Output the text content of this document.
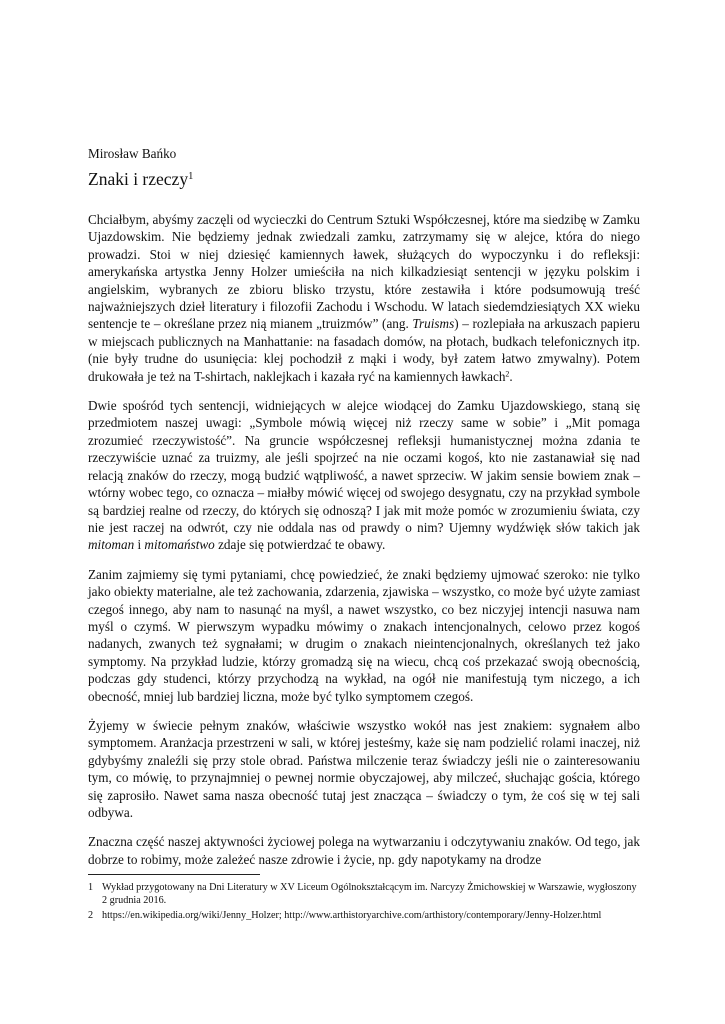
Mirosław Bańko
Znaki i rzeczy$^1$

Chciałbym, abyśmy zaczęli od wycieczki do Centrum Sztuki Współczesnej, które ma siedzibę w Zamku Ujazdowskim. Nie będziemy jednak zwiedzali zamku, zatrzymamy się w alejce, która do niego prowadzi. Stoi w niej dziesięć kamiennych ławek, służących do wypoczynku i do refleksji: amerykańska artystka Jenny Holzer umieściła na nich kilkadziesiąt sentencji w języku polskim i angielskim, wybranych ze zbioru blisko trzystu, które zestawiła i które podsumowują treść najważniejszych dzieł literatury i filozofii Zachodu i Wschodu. W latach siedemdziesiątych XX wieku sentencje te – określane przez nią mianem „truizmów” (ang. Truisms) – rozlepiała na arkuszach papieru w miejscach publicznych na Manhattanie: na fasadach domów, na płotach, budkach telefonicznych itp. (nie były trudne do usunięcia: klej pochodził z mąki i wody, był zatem łatwo zmywalny). Potem drukowała je też na T-shirtach, naklejkach i kazała ryć na kamiennych ławkach$^2$.

Dwie spośród tych sentencji, widniejących w alejce wiodącej do Zamku Ujazdowskiego, staną się przedmiotem naszej uwagi: „Symbole mówią więcej niż rzeczy same w sobie” i „Mit pomaga zrozumieć rzeczywistość”. Na gruncie współczesnej refleksji humanistycznej można zdania te rzeczywiście uznać za truizmy, ale jeśli spojrzeć na nie oczami kogoś, kto nie zastanawiał się nad relacją znaków do rzeczy, mogą budzić wątpliwość, a nawet sprzeciw. W jakim sensie bowiem znak – wtórny wobec tego, co oznacza – miałby mówić więcej od swojego desygnatu, czy na przykład symbole są bardziej realne od rzeczy, do których się odnoszą? I jak mit może pomóc w zrozumieniu świata, czy nie jest raczej na odwrót, czy nie oddala nas od prawdy o nim? Ujemny wydźwięk słów takich jak mitoman i mitomaństwo zdaje się potwierdzać te obawy.

Zanim zajmiemy się tymi pytaniami, chcę powiedzieć, że znaki będziemy ujmować szeroko: nie tylko jako obiekty materialne, ale też zachowania, zdarzenia, zjawiska – wszystko, co może być użyte zamiast czegoś innego, aby nam to nasunąć na myśl, a nawet wszystko, co bez niczyjej intencji nasuwa nam myśl o czymś. W pierwszym wypadku mówimy o znakach intencjonalnych, celowo przez kogoś nadanych, zwanych też sygnałami; w drugim o znakach nieintencjonalnych, określanych też jako symptomy. Na przykład ludzie, którzy gromadzą się na wiecu, chcą coś przekazać swoją obecnością, podczas gdy studenci, którzy przychodzą na wykład, na ogół nie manifestują tym niczego, a ich obecność, mniej lub bardziej liczna, może być tylko symptomem czegoś.

Żyjemy w świecie pełnym znaków, właściwie wszystko wokół nas jest znakiem: sygnałem albo symptomem. Aranżacja przestrzeni w sali, w której jesteśmy, każe się nam podzielić rolami inaczej, niż gdybyśmy znaleźli się przy stole obrad. Państwa milczenie teraz świadczy jeśli nie o zainteresowaniu tym, co mówię, to przynajmniej o pewnej normie obyczajowej, aby milczeć, słuchając gościa, którego się zaprosiło. Nawet sama nasza obecność tutaj jest znacząca – świadczy o tym, że coś się w tej sali odbywa.

Znaczna część naszej aktywności życiowej polega na wytwarzaniu i odczytywaniu znaków. Od tego, jak dobrze to robimy, może zależeć nasze zdrowie i życie, np. gdy napotykamy na drodze

1 Wykład przygotowany na Dni Literatury w XV Liceum Ogólnokształcącym im. Narcyzy Żmichowskiej w Warszawie, wygłoszony 2 grudnia 2016.
2 https://en.wikipedia.org/wiki/Jenny_Holzer; http://www.arthistoryarchive.com/arthistory/contemporary/Jenny-Holzer.html
